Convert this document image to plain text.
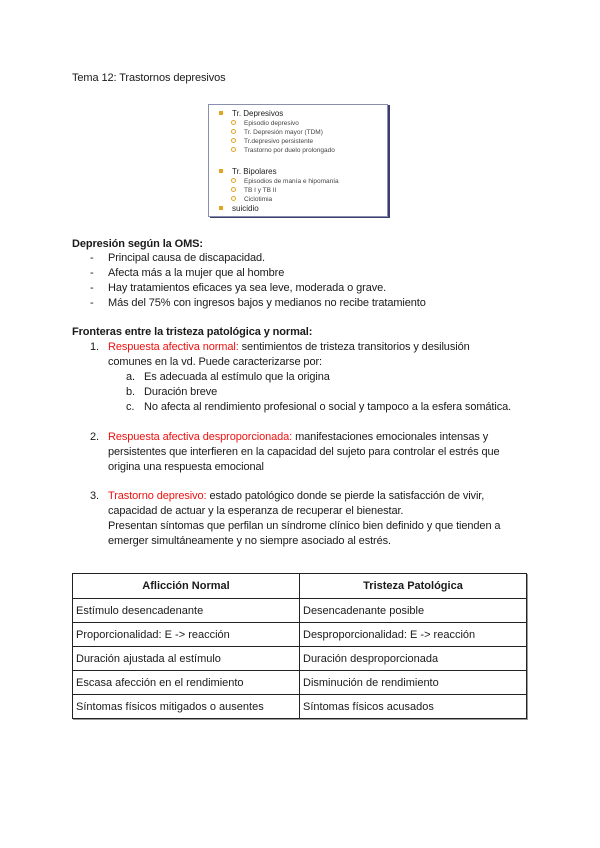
Tema 12: Trastornos depresivos
Tr. Depresivos
Episodio depresivo
Tr. Depresión mayor (TDM)
Tr.depresivo persistente
Trastorno por duelo prolongado
Tr. Bipolares
Episodios de manía e hipomanía
TB I y TB II
Ciclotimia
suicidio
Depresión según la OMS:
- Principal causa de discapacidad.
- Afecta más a la mujer que al hombre
- Hay tratamientos eficaces ya sea leve, moderada o grave.
- Más del 75% con ingresos bajos y medianos no recibe tratamiento
Fronteras entre la tristeza patológica y normal:
1. Respuesta afectiva normal: sentimientos de tristeza transitorios y desilusión
comunes en la vd. Puede caracterizarse por:
a. Es adecuada al estímulo que la origina
b. Duración breve
c. No afecta al rendimiento profesional o social y tampoco a la esfera somática.
2. Respuesta afectiva desproporcionada: manifestaciones emocionales intensas y
persistentes que interfieren en la capacidad del sujeto para controlar el estrés que
origina una respuesta emocional
3. Trastorno depresivo: estado patológico donde se pierde la satisfacción de vivir,
capacidad de actuar y la esperanza de recuperar el bienestar.
Presentan síntomas que perfilan un síndrome clínico bien definido y que tienden a
emerger simultáneamente y no siempre asociado al estrés.
Aflicción Normal	Tristeza Patológica
Estímulo desencadenante	Desencadenante posible
Proporcionalidad: E -> reacción	Desproporcionalidad: E -> reacción
Duración ajustada al estímulo	Duración desproporcionada
Escasa afección en el rendimiento	Disminución de rendimiento
Síntomas físicos mitigados o ausentes	Síntomas físicos acusados
